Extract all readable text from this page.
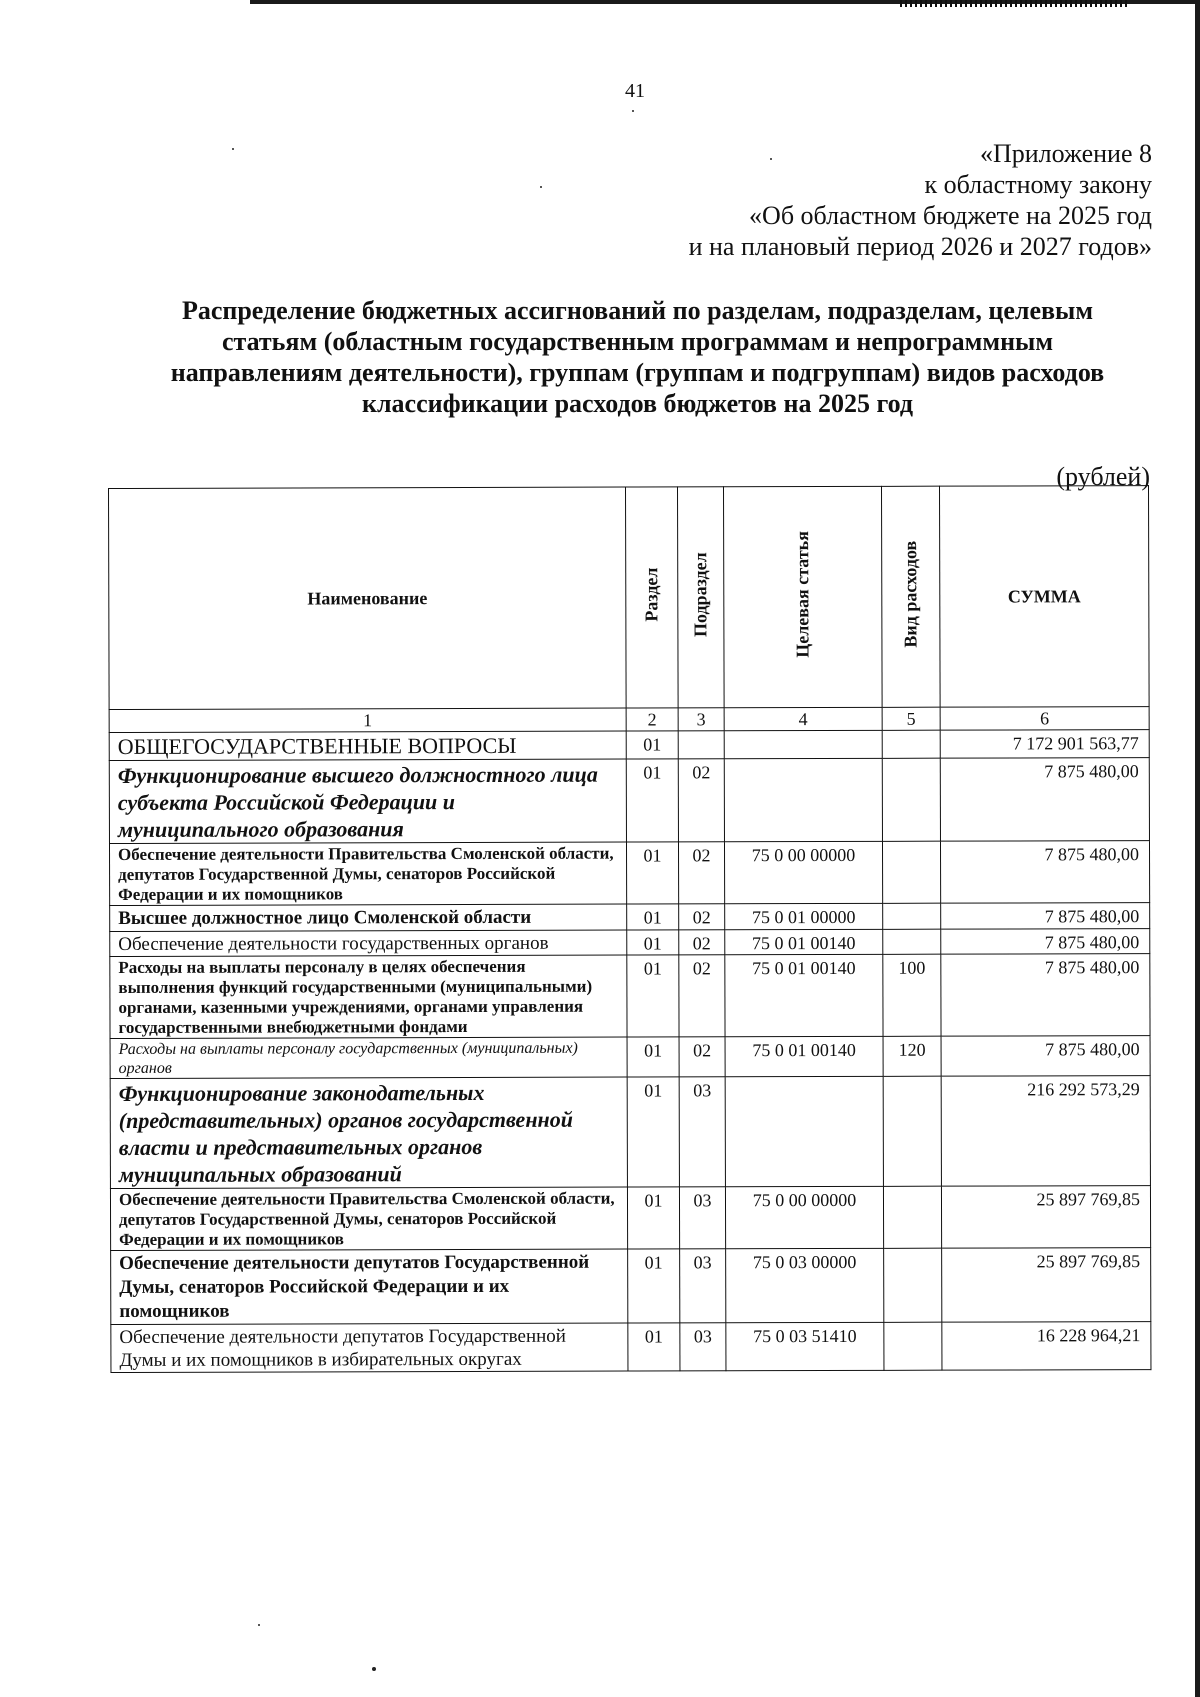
41
«Приложение 8
к областному закону
«Об областном бюджете на 2025 год
и на плановый период 2026 и 2027 годов»
Распределение бюджетных ассигнований по разделам, подразделам, целевым
статьям (областным государственным программам и непрограммным
направлениям деятельности), группам (группам и подгруппам) видов расходов
классификации расходов бюджетов на 2025 год
(рублей)
Наименование	Раздел	Подраздел	Целевая статья	Вид расходов	СУММА
1	2	3	4	5	6
ОБЩЕГОСУДАРСТВЕННЫЕ ВОПРОСЫ	01				7 172 901 563,77
Функционирование высшего должностного лица субъекта Российской Федерации и муниципального образования	01	02			7 875 480,00
Обеспечение деятельности Правительства Смоленской области, депутатов Государственной Думы, сенаторов Российской Федерации и их помощников	01	02	75 0 00 00000		7 875 480,00
Высшее должностное лицо Смоленской области	01	02	75 0 01 00000		7 875 480,00
Обеспечение деятельности государственных органов	01	02	75 0 01 00140		7 875 480,00
Расходы на выплаты персоналу в целях обеспечения выполнения функций государственными (муниципальными) органами, казенными учреждениями, органами управления государственными внебюджетными фондами	01	02	75 0 01 00140	100	7 875 480,00
Расходы на выплаты персоналу государственных (муниципальных) органов	01	02	75 0 01 00140	120	7 875 480,00
Функционирование законодательных (представительных) органов государственной власти и представительных органов муниципальных образований	01	03			216 292 573,29
Обеспечение деятельности Правительства Смоленской области, депутатов Государственной Думы, сенаторов Российской Федерации и их помощников	01	03	75 0 00 00000		25 897 769,85
Обеспечение деятельности депутатов Государственной Думы, сенаторов Российской Федерации и их помощников	01	03	75 0 03 00000		25 897 769,85
Обеспечение деятельности депутатов Государственной Думы и их помощников в избирательных округах	01	03	75 0 03 51410		16 228 964,21
